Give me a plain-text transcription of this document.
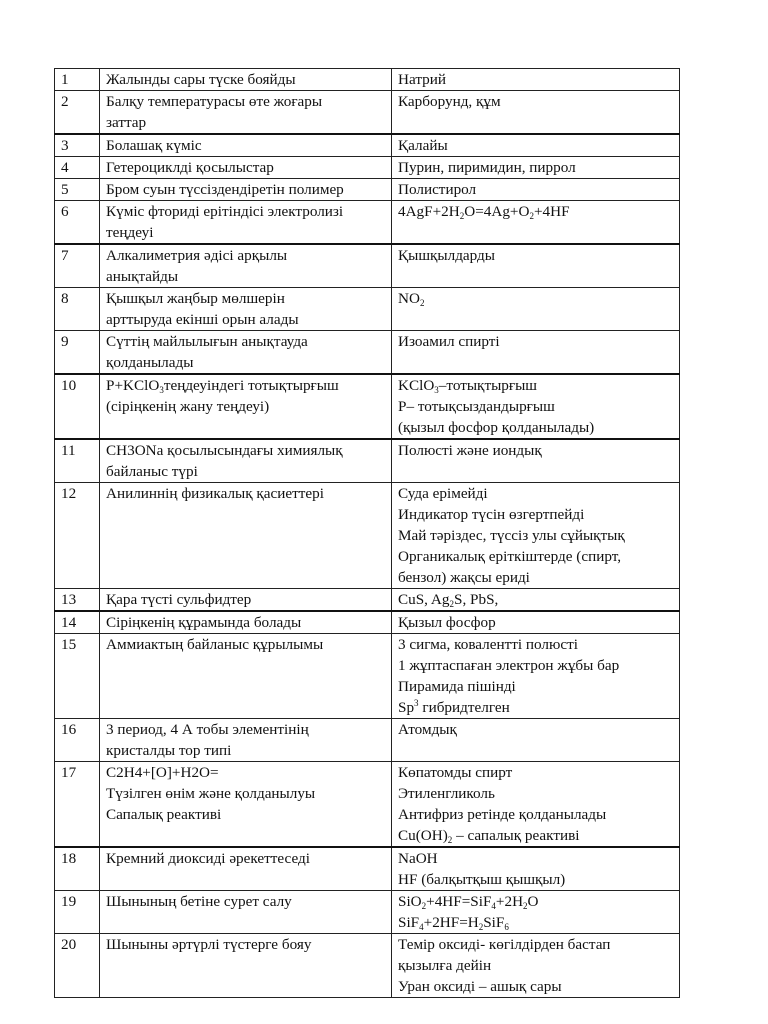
1	Жалынды сары түске бояйды	Натрий

2	Балқу температурасы өте жоғары
заттар	Карборунд, құм

3	Болашақ күміс	Қалайы

4	Гетероциклді қосылыстар	Пурин, пиримидин, пиррол

5	Бром суын түссіздендіретін полимер	Полистирол

6	Күміс фториді ерітіндісі электролизі
теңдеуі	$4AgF+2H_2O=4Ag+O_2+4HF$

7	Алкалиметрия әдісі арқылы
анықтайды	Қышқылдарды

8	Қышқыл жаңбыр мөлшерін
арттыруда екінші орын алады	$NO_2$

9	Сүттің майлылығын анықтауда
қолданылады	Изоамил спирті

10	P+KClO$_3$теңдеуіндегі тотықтырғыш
(сіріңкенің жану теңдеуі)	KClO$_3$–тотықтырғыш
P– тотықсыздандырғыш
(қызыл фосфор қолданылады)

11	CH3ONa қосылысындағы химиялық
байланыс түрі	Полюсті және иондық

12	Анилиннің физикалық қасиеттері	Суда ерімейді
Индикатор түсін өзгертпейді
Май тәріздес, түссіз улы сұйықтық
Органикалық еріткіштерде (спирт,
бензол) жақсы ериді

13	Қара түсті сульфидтер	CuS, $Ag_2S$, PbS,

14	Сіріңкенің құрамында болады	Қызыл фосфор

15	Аммиактың байланыс құрылымы	3 сигма, ковалентті полюсті
1 жұптаспаған электрон жұбы бар
Пирамида пішінді
Sp$^3$ гибридтелген

16	3 период, 4 А тобы элементінің
кристалды тор типі	Атомдық

17	C2H4+[O]+H2O=
Түзілген өнім және қолданылуы
Сапалық реактиві	Көпатомды спирт
Этиленгликоль
Антифриз ретінде қолданылады
$Cu(OH)_2$ – сапалық реактиві

18	Кремний диоксиді әрекеттеседі	NaOH
HF (балқытқыш қышқыл)

19	Шынының бетіне сурет салу	$SiO_2+4HF=SiF_4+2H_2O$
$SiF_4+2HF=H_2SiF_6$

20	Шыныны әртүрлі түстерге бояу	Темір оксиді- көгілдірден бастап
қызылға дейін
Уран оксиді – ашық сары
